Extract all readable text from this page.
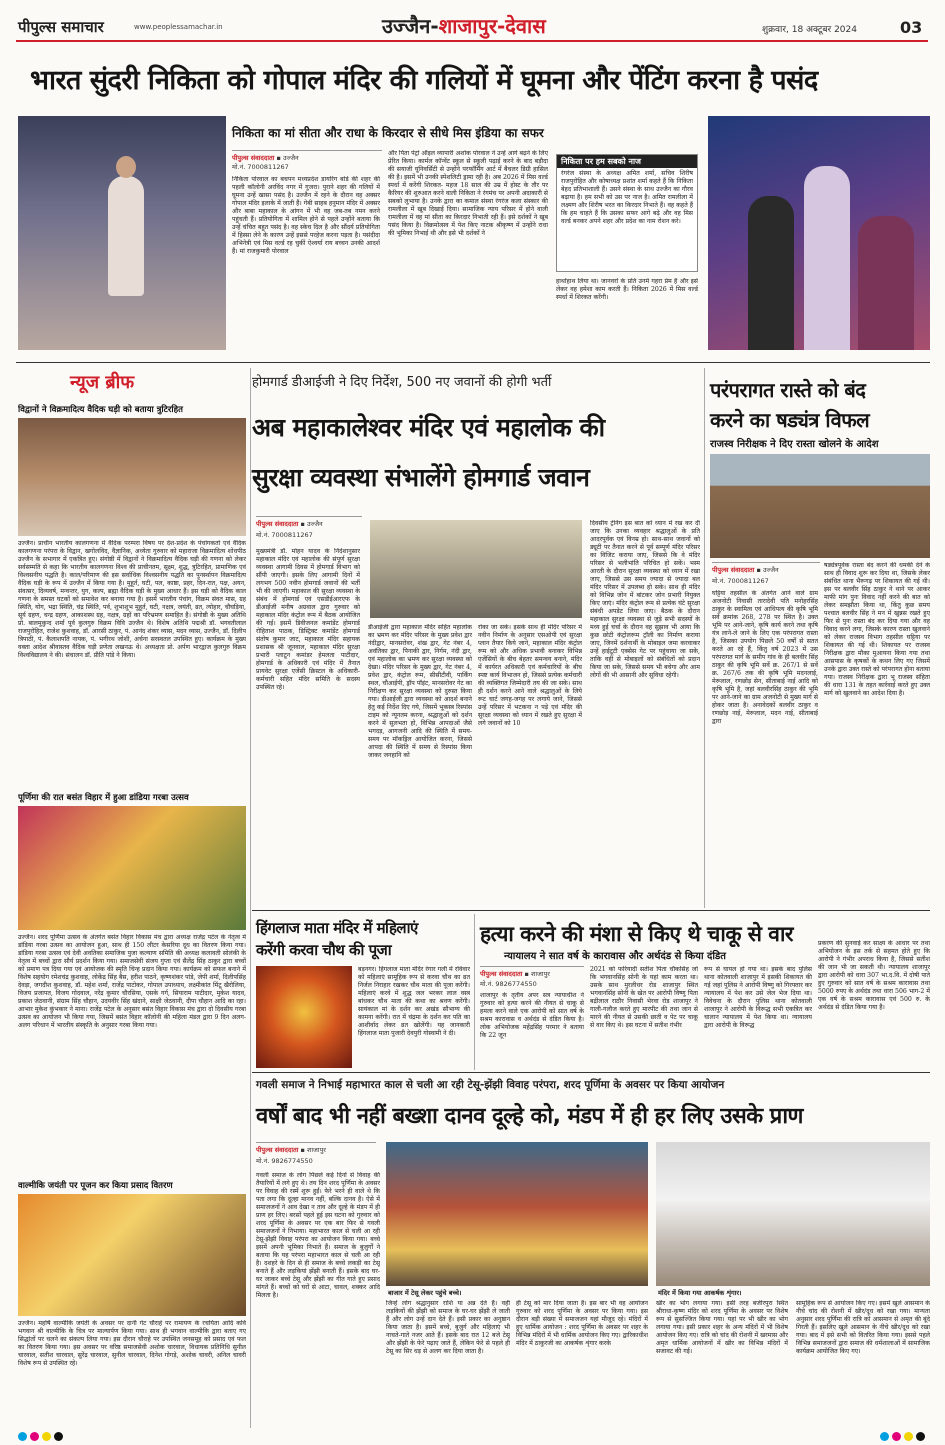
पीपुल्स समाचार	www.peoplessamachar.in	उज्जैन-शाजापुर-देवास	शुक्रवार, 18 अक्टूबर 2024	03
भारत सुंदरी निकिता को गोपाल मंदिर की गलियों में घूमना और पेंटिंग करना है पसंद
निकिता का मां सीता और राधा के किरदार से सीधे मिस इंडिया का सफर
पीपुल्स संवाददाता ▪ उज्जैन
मो.नं. 7000811267
निकिता पोरवाल का बचपन मध्यप्रदेश डायरिंग बोर्ड की शहर की पहली कॉलोनी अरविंद नगर में गुजरा। पुराने शहर की गलियों में घूमना उन्हें खासा पसंद है। उज्जैन में रहने के दौरान वह अक्सर गोपाल मंदिर इलाके में जाती हैं। गेबी साहब हनुमान मंदिर में अक्सर और बाबा महाकाल के आंगन में भी वह जब-तब नमन करने पहुंचती हैं। प्रतियोगिता में शामिल होने से पहले उन्होंने बताया कि उन्हें चंचित बहुत पसंद है। वह स्केच दिल है और सौंदर्य प्रतियोगिता में हिस्सा लेने के कारण उन्हें इससे परहेज करना पड़ता है। पसंदीदा अभिनेत्री एवं मिस वर्ल्ड रह चुकीं ऐश्वर्या राय बच्चन उनकी आदर्श हैं। मां राजकुमारी पोरवाल
और पिता पेट्रो ऑइल व्यापारी अशोक पोरवाल ने उन्हें आगे बढ़ने के लिए प्रेरित किया। कार्मल कॉन्वेंट स्कूल से स्कूली पढ़ाई करने के बाद बड़ौदा की सयाजी यूनिवर्सिटी से उन्होंने परफॉर्मिंग आर्ट में बैचलर डिग्री हासिल की है। इसमें भी उनकी स्पेशलिटी ड्रामा रही है। अब 2026 में मिस वर्ल्ड स्पर्धा में करेंगी शिरकत- महज 18 साल की उम्र में होस्ट के तौर पर कैरियर की शुरुआत करने वाली निकिता ने रंगमंच पर अपनी अदाकारी से सबको लुभाया है। उनके द्वारा का कमाल संस्था रंगरंज कला संस्कार की रामलीला में खूब दिखाई दिया। सामाजिक न्याय परिसर में होने वाली रामलीला में वह मां सीता का किरदार निभाती रही हैं। इसे दर्शकों ने खूब पसंद किया है। विक्रमोत्सव में पेश किए नाटक श्रीकृष्ण में उन्होंने राधा की भूमिका निभाई थी और इसे भी दर्शकों ने
निकिता पर हम सबको नाज
रंगरंज संस्था के अध्यक्ष अमित शर्मा, सचिव शिरीष राजपुरोहित और कोषाध्यक्ष प्रशांत शर्मा कहते हैं कि निकिता बेहद प्रतिभाशाली हैं। उसने संस्था के साथ उज्जैन का गौरव बढ़ाया है। हम सभी को उस पर नाज है। अमित रामलीला में लक्ष्मण और शिरीष भरत का किरदार निभाते हैं। वह कहते हैं कि हम चाहते हैं कि उसका सफर आगे बढ़े और वह मिस वर्ल्ड बनकर अपने शहर और प्रदेश का नाम रोशन करे।
हाथोंहाथ लिया था। जानवरों के प्रति उनमें गहरा प्रेम है और इसे लेकर वह हमेशा काम करती हैं। निकिता 2026 में मिस वर्ल्ड स्पर्धा में शिरकत करेंगी।
न्यूज ब्रीफ
विद्वानों ने विक्रमादित्य वैदिक घड़ी को बताया त्रुटिरहित
उज्जैन। प्राचीन भारतीय कालगणना में वैदिक परम्परा विषय पर देश-प्रदेश के पंचांगकर्ता एवं वैदिक कालगणना परंपरा के विद्वान, खगोलविद, वैज्ञानिक, अध्येता गुरुवार को महाराजा विक्रमादित्य शोधपीठ उज्जैन के सभागार में एकत्रित हुए। संगोष्ठी में विद्वानों ने विक्रमादित्य वैदिक घड़ी की गणना को लेकर सर्वसम्मति से कहा कि भारतीय कालगणना विश्व की प्राचीनतम, सूक्ष्म, शुद्ध, त्रुटिरहित, प्रामाणिक एवं विश्वसनीय पद्धति है। काल/परिमाण की इस सर्वाधिक विश्वसनीय पद्धति का पुनर्स्थापन विक्रमादित्य वैदिक घड़ी के रूप में उज्जैन में किया गया है। मुहूर्त, घटी, पल, काष्ठा, प्रहर, दिन-रात, पक्ष, अयन, संवत्सर, दिव्यवर्ष, मन्वन्तर, युग, कल्प, ब्रह्मा वैदिक घड़ी के मुख्य आधार हैं। इस घड़ी को वैदिक काल गणना के समस्त घटकों को समावेश कर बनाया गया है। इसमें भारतीय पंचांग, विक्रम संवत मास, ग्रह स्थिति, योग, भद्रा स्थिति, चंद्र स्थिति, पर्व, शुभाशुभ मुहूर्त, घटी, नक्षत्र, जयंती, व्रत, त्योहार, चौघड़िया, सूर्य ग्रहण, चन्द्र ग्रहण, आकाशस्थ ग्रह, नक्षत्र, ग्रहों का परिभ्रमण समाहित है। संगोष्ठी के मुख्य अतिथि प्रो. बालमुकुन्द शर्मा पूर्व कुलगुरु विक्रम विवि उज्जैन थे। विशेष अतिथि पद्मश्री डॉ. भगवतीलाल राजपुरोहित, राजेश कुशवाह, डॉ. आरसी ठाकुर, पं. आनंद शंकर व्यास, मदन व्यास, उज्जैन, डॉ. दिलीप त्रिपाठी, पं. कैलाशपति नायक, पं. भगीरथ जोशी, अर्चना सरस्वतल उपस्थित हुए। कार्यक्रम के मुख्य वक्ता आदेश श्रीवास्तव वैदिक घड़ी प्रणेता लखनऊ थे। अध्यक्षता प्रो. अर्पण भारद्वाज कुलगुरु विक्रम विश्वविद्यालय ने की। संचालन डॉ. प्रीति पांडे ने किया।
पूर्णिमा की रात बसंत विहार में हुआ डांडिया गरबा उत्सव
उज्जैन। शरद पूर्णिमा उत्सव के अंतर्गत बसंत विहार विकास मंच द्वारा अध्यक्ष राजेंद्र पटेल के नेतृत्व में डांडिया गरबा उत्सव का आयोजन हुआ, साथ ही 150 लीटर केसरिया दूध का वितरण किया गया। डांडिया गरबा उत्सव एवं देवी अवतिका समाजिक पुजा कल्याण समिति की अध्यक्ष कलावती सोलंकी के नेतृत्व में बच्चों द्वारा सौर्य प्रदर्शन किया गया। समाजसेवी संजय गुप्ता एवं सैलेंद्र सिंह ठाकुर द्वारा बच्चों को प्रमाण पत्र दिया गया एवं आयोजक की स्मृति चिन्ह प्रदान किया गया। कार्यक्रम को सफल बनाने में विशेष सहयोग रमेशचंद्र कुशवाह, लोकेंद्र सिंह बैस, हरीश पाठने, कृष्णशंकर पांडे, जेपी शर्मा, दिलीपसिंह देवड़ा, जगदीश कुशवाह, डॉ. महेश शर्मा, राजेंद्र पाटोकर, गोपाल उपाध्याय, लक्ष्मीकांत मिंटू खैरोलिया, विजय प्रजापत, विजय गोदवाल, नरेंद्र कुमार चौरसिया, एसके गर्ग, सियाराम पाटीदार, मुकेश यादव, प्रकाश जेठवानी, संग्राम सिंह चौहान, उदयवीर सिंह खंदाने, साक्षी जेठवानी, दीपा चौहान आदि का रहा। आभार मुकेश कुंभकार ने माना। राजेंद्र पटेल के अनुसार बसंत विहार विकास मंच द्वारा दो दिवसीय गरबा उत्सव का आयोजन भी किया गया, जिसमें बसंत विहार कॉलोनी की महिला मंडल द्वारा 9 दिन अलग-अलग परिधान में भारतीय संस्कृति के अनुसार गरबा किया गया।
वाल्मीकि जयंती पर पूजन कर किया प्रसाद वितरण
उज्जैन। महर्षि वाल्मीकि जयंती के अवसर पर दानी गेट चौराहे पर रामायण के रचयिता आदि कवि भगवान श्री वाल्मीकि के चित्र पर माल्यार्पण किया गया। साथ ही भगवान वाल्मीकि द्वारा बताए गए सिद्धांतों पर चलने का संकल्प लिया गया। इस दौरान चौराहे पर उपस्थित जनसमूह को प्रसाद एवं फल का वितरण किया गया। इस अवसर पर वरिष्ठ समाजसेवी अशोक चारवाल, विधायक प्रतिनिधि सुनील चारवाल, सतीश चारवाल, सुरेंद्र चारवाल, सुनील चारवाल, दिनेश गोगड़े, अशोक चावरी, अनिल चावरी विशेष रूप से उपस्थित रहे।
होमगार्ड डीआईजी ने दिए निर्देश, 500 नए जवानों की होगी भर्ती
अब महाकालेश्वर मंदिर एवं महालोक की
सुरक्षा व्यवस्था संभालेंगे होमगार्ड जवान
पीपुल्स संवाददाता ▪ उज्जैन
मो.नं. 7000811267
मुख्यमंत्री डॉ. मोहन यादव के निर्देशानुसार महाकाल मंदिर एवं महालोक की संपूर्ण सुरक्षा व्यवस्था आगामी दिवस में होमगार्ड विभाग को सौंपी जाएगी। इसके लिए आगामी दिनों में लगभग 500 नवीन होमगार्ड जवानों की भर्ती भी की जाएगी। महाकाल की सुरक्षा व्यवस्था के संबंध में होमगार्ड एवं एसडीईआरएफ के डीआईजी मनीष अग्रवाल द्वारा गुरुवार को महाकाल मंदिर कंट्रोल रूम में बैठक आयोजित की गई। इसमें डिवीजनल कमांडेंट होमगार्ड रोहिताश पाठक, डिस्ट्रिक्ट कमांडेंट होमगार्ड संतोष कुमार जाट, महाकाल मंदिर सहायक प्रशासक श्री जूनवाल, महाकाल मंदिर सुरक्षा प्रभारी प्लाटून कमांडर हेमलता पाटीदार, होमगार्ड के अधिकारी एवं मंदिर में तैनात प्रायवेट सुरक्षा एजेंसी क्रिस्टल के अधिकारी-कर्मचारी सहित मंदिर समिति के सदस्य उपस्थित रहे।
डीआईजी द्वारा महाकाल मंदिर सहित महालोक का भ्रमण कर मंदिर परिसर के मुख्य प्रवेश द्वार नंदीद्वार, मानसरोवर, शंख द्वार, गेट नंबर 4, अवंतिका द्वार, पिनाकी द्वार, निर्गम, नंदी द्वार, एवं महालोक का भ्रमण कर सुरक्षा व्यवस्था को देखा। मंदिर परिसर के मुख्य द्वार, गेट नंबर 4, प्रवेश द्वार, कंट्रोल रूम, सीसीटीवी, पार्किंग स्थल, चौआईपी, ड्रॉप पॉइंट, मानसरोवर गेट का निरीक्षण कर सुरक्षा व्यवस्था को दुरुस्त किया गया। डीआईजी द्वारा व्यवस्था को आदर्श बनाने हेतु कई निर्देश दिए गये, जिसमें भूकस्त्र रिस्पांस टाइम को न्यूनतम करना, श्रद्धालुओं को दर्शन करने में सुलभता हो, विभिन्न आपदाओं जैसे भगदड़, आगजनी आदि की स्थिति में समय-समय पर मॉकड्रिल आयोजित करना, जिससे आपदा की स्थिति में समय से रिस्पांस किया जाकर जनहानि को
रोका जा सके। इसके साथ ही मंदिर परिसर में नवीन निर्माण के अनुसार एसओपी एवं सुरक्षा प्लान तैयार किये जाने, महाकाल मंदिर कंट्रोल रूम को और अधिक प्रभावी बनाकर विभिन्न एजेंसियों के बीच बेहतर समन्वय बनाने, मंदिर में कार्यरत अधिकारी एवं कर्मचारियों के बीच स्पष्ट कार्य विभाजन हो, जिससे प्रत्येक कर्मचारी की व्यक्तिगत जिम्मेदारी तय की जा सके। साथ ही दर्शन करने आने वाले श्रद्धालुओं के लिये रूट चार्ट जगह-जगह पर लगाये जाने, जिससे उन्हें परिसर में भटकना न पड़े एवं मंदिर की सुरक्षा व्यवस्था को ध्यान में रखते हुए सुरक्षा में लगे जवानों को 10
दिवसीय ट्रेनिंग इस बात को ध्यान में रख कर दी जाए कि उनका व्यवहार श्रद्धालुओं के प्रति आदरपूर्वक एवं विनम्र हो। साथ-साथ जवानों को ड्यूटी पर तैनात करने से पूर्व सम्पूर्ण मंदिर परिसर का विजिट कराया जाए, जिससे कि वे मंदिर परिसर से भलीभांति परिचित हो सकें। भस्म आरती के दौरान सुरक्षा व्यवस्था को ध्यान में रखा जाए, जिससे उस समय ज्यादा से ज्यादा बल मंदिर परिसर में उपलब्ध हो सके। साथ ही मंदिर को विभिन्न जोन में बांटकर जोन प्रभारी नियुक्त किए जाएं। मंदिर कंट्रोल रूम से प्रत्येक घंटे सुरक्षा संबंधी अपडेट लिया जाए। बैठक के दौरान महाकाल सुरक्षा व्यवस्था से जुड़े सभी सदस्यों के मध्य हुई चर्चा के दौरान वह सुझाव भी आया कि कुछ छोटी कंट्रोलरूम ट्रॉली का निर्माण कराया जाए, जिनमें दर्शनार्थी के मोबाइल जमा करवाकर उन्हें हाईटूटी एक्सेस गेट पर पहुंचाया जा सके, ताकि वहीं से मोबाइलों को संबंधितों को प्रदान किया जा सके, जिससे समय भी बचेगा और आम लोगों की भी आसानी और सुविधा रहेगी।
परंपरागत रास्ते को बंद
करने का षड्यंत्र विफल
राजस्व निरीक्षक ने दिए रास्ता खोलने के आदेश
पीपुल्स संवाददाता ▪ उज्जैन
मो.नं. 7000811267
घट्टिया तहसील के अंतर्गत आने वाले ग्राम अजनोटी निवासी तारादेवी पति मनोहरसिंह ठाकुर के स्वामित्व एवं आधिपत्य की कृषि भूमि सर्वे क्रमांक 268, 278 पर स्थित है। उक्त भूमि पर आने-जाने, कृषि कार्य करने तथा कृषि यंत्र लाने-ले जाने के लिए एक परंपरागत रास्ता है, जिसका उपयोग पिछले 50 वर्षों से सतत करते आ रहे हैं, किंतु वर्ष 2023 में उस परंपरागत मार्ग के समीप गांव के ही बलवीर सिंह ठाकुर की कृषि भूमि सर्वे क्र. 267/1 से सर्वे क्र. 267/6 तक की कृषि भूमि मदनलाई, मेरूलाल, रणछोड़ सेन, सीताबाई नाई आदि को कृषि भूमि है, जहां बलवीरसिंह ठाकुर की भूमि पर आने-जाने का ग्राम अजनोटी से मुख्य मार्ग से होकर जाता है। अनावेदकों बलवीर ठाकुर व रणछोड़ नाई, मेरूलाल, मदन नाई, सीताबाई द्वारा
षड्यंत्रपूर्वक रास्ता बंद करने की धमकी देने के साथ ही विवाद शुरू कर दिया था, जिसके लेकर संबंधित थाना भैरूगढ़ पर शिकायत की गई थी। इस पर बलवीर सिंह ठाकुर ने थाने पर आकर माफी मांग पुनः विवाद नहीं करने की बात को लेकर समझौता किया था, किंतु कुछ समय पश्चात बलवीर सिंह ने मन में खुन्नस रखते हुए फिर से पुनः रास्ता बंद कर दिया गया और वह विवाद करने लगा, जिसके कारण रास्ता खुलवाने को लेकर राजस्व विभाग तहसील घट्टिया पर शिकायत की गई थी। शिकायत पर राजस्व निरीक्षक द्वारा मौका मुआयना किया गया तथा आसपास के कृषकों के कथन लिए गए जिसमें उनके द्वारा उक्त रास्ते को परंपरागत होना बताया गया। राजस्व निरीक्षक द्वारा भू राजस्व संहिता की धारा 131 के तहत कार्रवाई करते हुए उक्त मार्ग को खुलवाने का आदेश दिया है।
हिंगलाज माता मंदिर में महिलाएं
करेंगी करवा चौथ की पूजा
बड़नगर। हिंगलाज माता मंदिर रंगार गली में रविवार को महिलाएं सामूहिक रूप से करवा चौथ का व्रत निर्जल निराहार रखकर चौथ माता की पूजा करेंगी। महिलाएं करवे में शुद्ध जल भरकर लाल वस्त्र बांधकर चौथ माता की कथा का श्रवण करेंगी। सायंकाल मां के दर्शन कर अखंड सौभाग्य की कामना करेंगी। रात में चंद्रमा के दर्शन कर पति का आशीर्वाद लेकर व्रत खोलेंगी। यह जानकारी हिंगलाज माता पुजारी देवपुरी गोस्वामी ने दी।
हत्या करने की मंशा से किए थे चाकू से वार
न्यायालय ने सात वर्ष के कारावास और अर्थदंड से किया दंडित
पीपुल्स संवाददाता ▪ शाजापुर
मो.नं. 9826774550
शाजापुर के तृतीय अपर सत्र न्यायाधीश ने गुरुवार को हत्या करने की नीयत से चाकू से हमला करने वाले एक आरोपी को सात वर्ष के सश्रम कारावास व अर्थदंड से दंडित किया है। लोक अभियोजक महेंद्रसिंह परमार ने बताया कि 22 जून
2021 को फरियादी सतीश पिता चौकसिंह जो कि भगवानसिंह सोनी के यहां काम करता था। उसके साथ मुरलीधर रोड शाजापुर स्थित भगवानसिंह सोनी के खेत पर आरोपी विष्णु पिता बद्रीलाल राठौर निवासी भेरवा रोड शाजापुर ने गाली-गलौज करते हुए मारपीट की तथा जान से मारने की नीयत से उसकी छाती व पेट पर चाकू से वार किए थे। इस घटना में सतीश गंभीर
रूप से घायल हो गया था। इसके बाद पुलिस थाना कोतवाली शाजापुर में इसकी शिकायत की गई जहां पुलिस ने आरोपी विष्णु को गिरफ्तार कर न्यायालय में पेश कर उसे जेल भेज दिया था। विवेचना के दौरान पुलिस थाना कोतवाली शाजापुर ने आरोपी के विरूद्ध सभी एकत्रित कर चालान न्यायालय में पेश किया था। न्यायालय द्वारा आरोपी के विरूद्ध
प्रकरण की सुनवाई कर साक्ष्य के आधार पर तथा अभियोजन के इस तर्क से सहमत होते हुए कि आरोपी ने गंभीर अपराध किया है, जिससे सतीश की जान भी जा सकती थी। न्यायालय शाजापुर द्वारा आरोपी को धारा 307 भा.द.वि. में दोषी पाते हुए गुरुवार को सात वर्ष के सश्रम कारावास तथा 5000 रुपए के अर्थदंड तथा धारा 506 भाग-2 में एक वर्ष के सश्रम कारावास एवं 500 रु. के अर्थदंड से दंडित किया गया है।
गवली समाज ने निभाई महाभारत काल से चली आ रही टेसू-झेंझी विवाह परंपरा, शरद पूर्णिमा के अवसर पर किया आयोजन
वर्षों बाद भी नहीं बख्शा दानव दूल्हे को, मंडप में ही हर लिए उसके प्राण
पीपुल्स संवाददाता ▪ शाजापुर
मो.नं. 9826774550
गवली समाज के लोग पिछले कई दिनों से विवाह की तैयारियों में लगे हुए थे। तय दिन शरद पूर्णिमा के अवसर पर विवाह की रस्में शुरू हुईं। फेरे भरने ही वाले थे कि पता लगा कि दूल्हा मानव नहीं, बल्कि दानव है। ऐसे में समाजजनों ने आव देखा न ताव और दूल्हे के मंडप में ही प्राण हर लिए। बरसों पहले हुई इस घटना को गुरुवार को शरद पूर्णिमा के अवसर पर एक बार फिर से गवली समाजजनों ने निभाया। महाभारत काल से चली आ रही टेसू-झेंझी विवाह परंपरा का आयोजन किया गया। बच्चे इसमें अपनी भूमिका निभाते हैं। समाज के बुजुर्गों ने बताया कि यह परंपरा महाभारत काल से चली आ रही है। दशहरे के दिन से ही समाज के बच्चे लकड़ी का टेसू बनाते हैं और लड़कियां झेंझी बनाती हैं। इसके बाद घर-घर जाकर बच्चे टेसू और झेंझी का गीत गाते हुए प्रसाद मांगते हैं। बच्चों को घरों से आटा, चावल, शक्कर आदि मिलता है।	बाजार में टेसू लेकर पहुंचे बच्चे।	मंदिर में किया गया आकर्षक शृंगार।
जिन्हें लोग श्रद्धानुसार राशि या अन्न देते हैं। वहीं लड़कियों की झेंझी को समाज के घर-घर झेंझी ले जाती हैं और लोग उन्हें दान देते हैं। इसी प्रकार का अनुष्ठान किया जाता है। इसमें बच्चे, बुजुर्ग और महिलाएं भी नाचते-गाते नजर आते हैं। इसके बाद रात 12 बजे टेसू और झेंझी के फेरे पढ़ाए जाते हैं, लेकिन फेरे से पहले ही टेसू का सिर धड़ से अलग कर दिया जाता है।
ही टेसू को मार दिया जाता है। इस बार भी वह आयोजन गुरुवार को शरद पूर्णिमा के अवसर पर किया गया। इस दौरान बड़ी संख्या में समाजजन यहां मौजूद रहे। मंदिरों में हुए धार्मिक आयोजन : शरद पूर्णिमा के अवसर पर शहर के विभिन्न मंदिरों में भी धार्मिक आयोजन किए गए। द्वारिकाधीश मंदिर में ठाकुरजी का आकर्षक शृंगार करके
खीर का भोग लगाया गया। इसी तरह बजीरपुरा स्थित श्रीराधा-कृष्ण मंदिर को शरद पूर्णिमा के अवसर पर विशेष रूप से सुसज्जित किया गया। यहां पर भी खीर का भोग लगाया गया। इसी प्रकार शहर के अन्य मंदिरों में भी विशेष आयोजन किए गए। रात्रि को चांद की रोशनी में खरमास और अमृत धार्मिक आयोजनों में खीर का विभिन्न मंदिरों में सजावट की गई।
सामूहिक रूप से आयोजन किए गए। इसमें खुले आसमान के नीचे चांद की रोशनी में खीर/दूध को रखा गया। मान्यता अनुसार शरद पूर्णिमा की रात्रि को आसमान से अमृत की बूंदे गिरती हैं। इसलिए खुले आसमान के नीचे खीर/दूध को रखा गया। बाद में इसे सभी को वितरित किया गया। इससे पहले विभिन्न समाजजनों द्वारा समाज की धर्मशालाओं में सामाजिक कार्यक्रम आयोजित किए गए।
